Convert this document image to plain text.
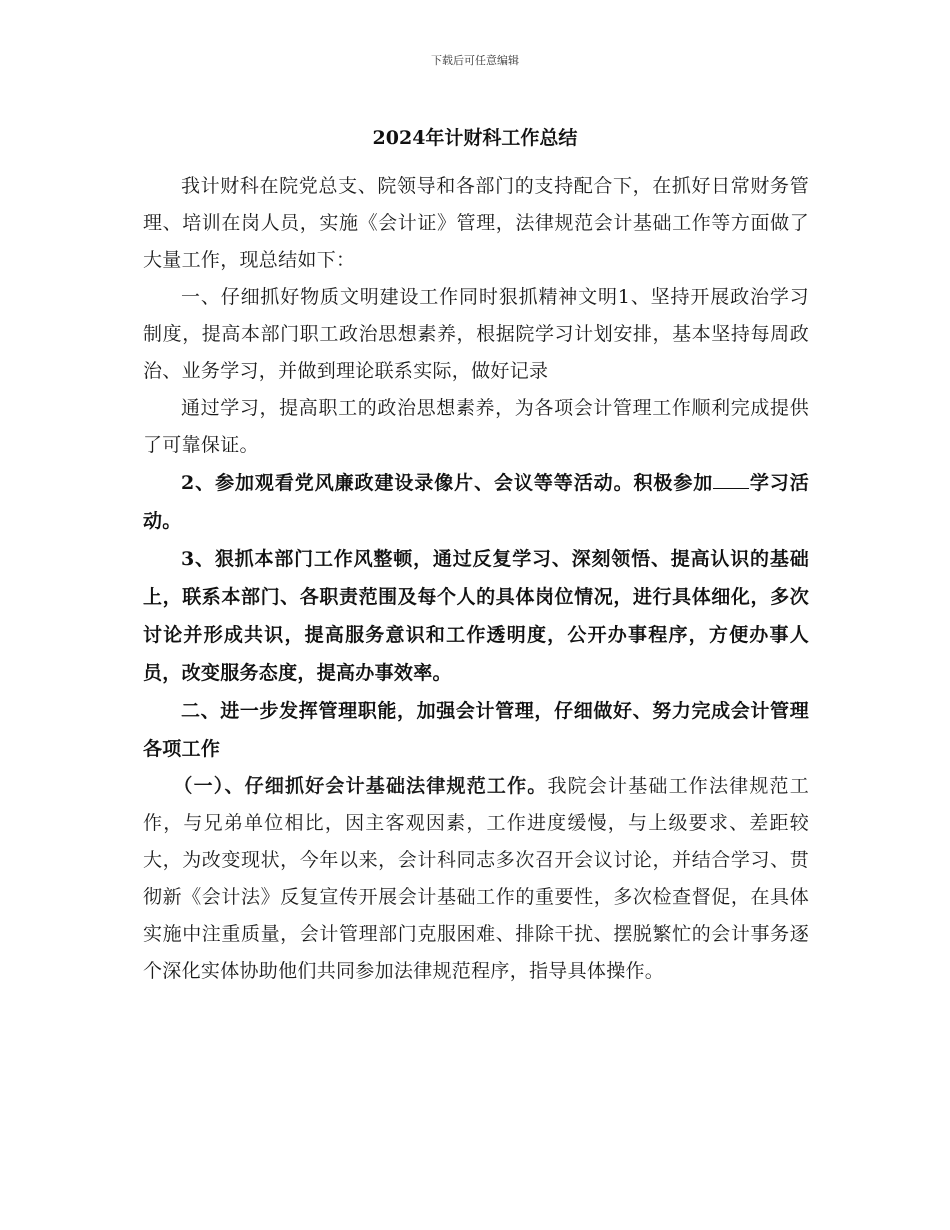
下载后可任意编辑
2024年计财科工作总结

我计财科在院党总支、院领导和各部门的支持配合下，在抓好日常财务管理、培训在岗人员，实施《会计证》管理，法律规范会计基础工作等方面做了大量工作，现总结如下：

一、仔细抓好物质文明建设工作同时狠抓精神文明1、坚持开展政治学习制度，提高本部门职工政治思想素养，根据院学习计划安排，基本坚持每周政治、业务学习，并做到理论联系实际，做好记录

通过学习，提高职工的政治思想素养，为各项会计管理工作顺利完成提供了可靠保证。

2、参加观看党风廉政建设录像片、会议等等活动。积极参加 学习活动。

3、狠抓本部门工作风整顿，通过反复学习、深刻领悟、提高认识的基础上，联系本部门、各职责范围及每个人的具体岗位情况，进行具体细化，多次讨论并形成共识，提高服务意识和工作透明度，公开办事程序，方便办事人员，改变服务态度，提高办事效率。

二、进一步发挥管理职能，加强会计管理，仔细做好、努力完成会计管理各项工作

（一）、仔细抓好会计基础法律规范工作。我院会计基础工作法律规范工作，与兄弟单位相比，因主客观因素，工作进度缓慢，与上级要求、差距较大，为改变现状，今年以来，会计科同志多次召开会议讨论，并结合学习、贯彻新《会计法》反复宣传开展会计基础工作的重要性，多次检查督促，在具体实施中注重质量，会计管理部门克服困难、排除干扰、摆脱繁忙的会计事务逐个深化实体协助他们共同参加法律规范程序，指导具体操作。
